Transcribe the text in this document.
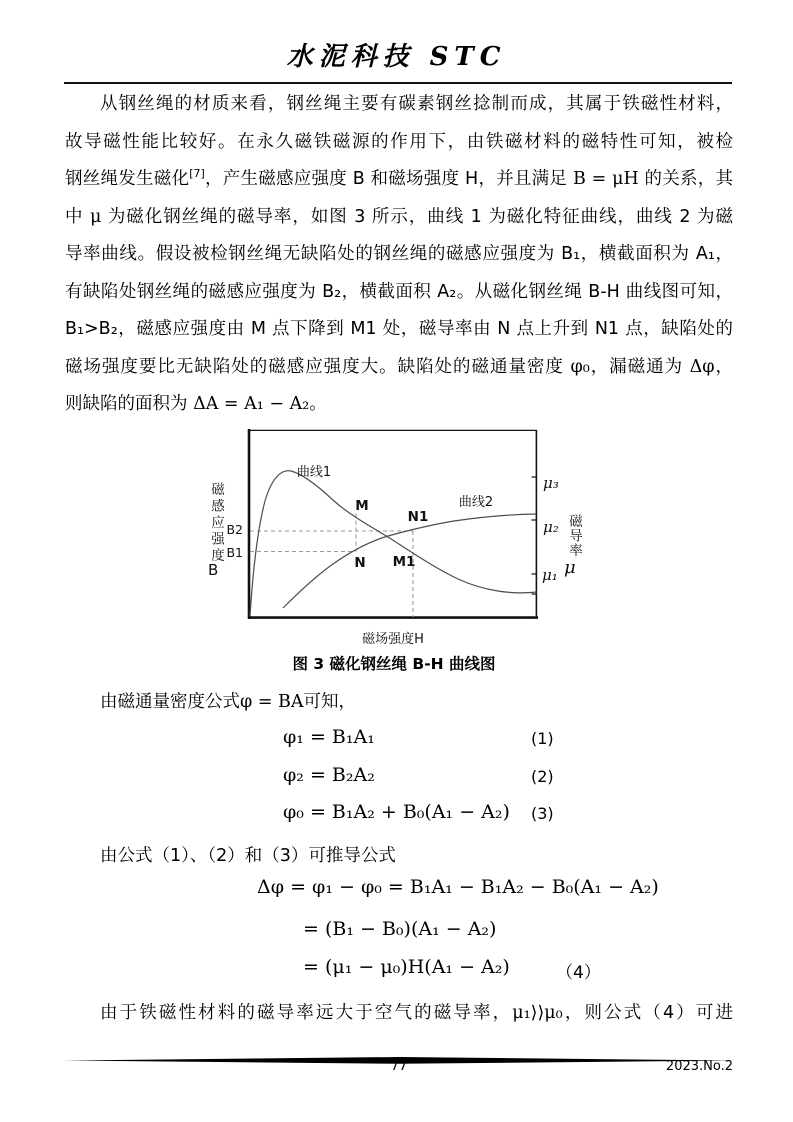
水泥科技 STC
从钢丝绳的材质来看，钢丝绳主要有碳素钢丝捻制而成，其属于铁磁性材料，
故导磁性能比较好。在永久磁铁磁源的作用下，由铁磁材料的磁特性可知，被检
钢丝绳发生磁化[7]，产生磁感应强度 B 和磁场强度 H，并且满足 B = μH 的关系，其
中 μ 为磁化钢丝绳的磁导率，如图 3 所示，曲线 1 为磁化特征曲线，曲线 2 为磁
导率曲线。假设被检钢丝绳无缺陷处的钢丝绳的磁感应强度为 B₁，横截面积为 A₁，
有缺陷处钢丝绳的磁感应强度为 B₂，横截面积 A₂。从磁化钢丝绳 B-H 曲线图可知，
B₁>B₂，磁感应强度由 M 点下降到 M1 处，磁导率由 N 点上升到 N1 点，缺陷处的
磁场强度要比无缺陷处的磁感应强度大。缺陷处的磁通量密度 φ₀，漏磁通为 Δφ，
则缺陷的面积为 ΔA = A₁ − A₂。
曲线1
曲线2
M
N1
N M1
B2
B1
μ₃
μ₂
μ₁
磁场强度H
磁感应强度
B
磁导率
μ
图 3 磁化钢丝绳 B-H 曲线图
由磁通量密度公式φ = BA可知，
φ₁ = B₁A₁	(1)
φ₂ = B₂A₂	(2)
φ₀ = B₁A₂ + B₀(A₁ − A₂) (3)
由公式（1）、（2）和（3）可推导公式
Δφ = φ₁ − φ₀ = B₁A₁ − B₁A₂ − B₀(A₁ − A₂)
= (B₁ − B₀)(A₁ − A₂)
= (μ₁ − μ₀)H(A₁ − A₂)	（4）
由于铁磁性材料的磁导率远大于空气的磁导率，μ₁⟩⟩μ₀，则公式（4）可进
77	2023.No.2
